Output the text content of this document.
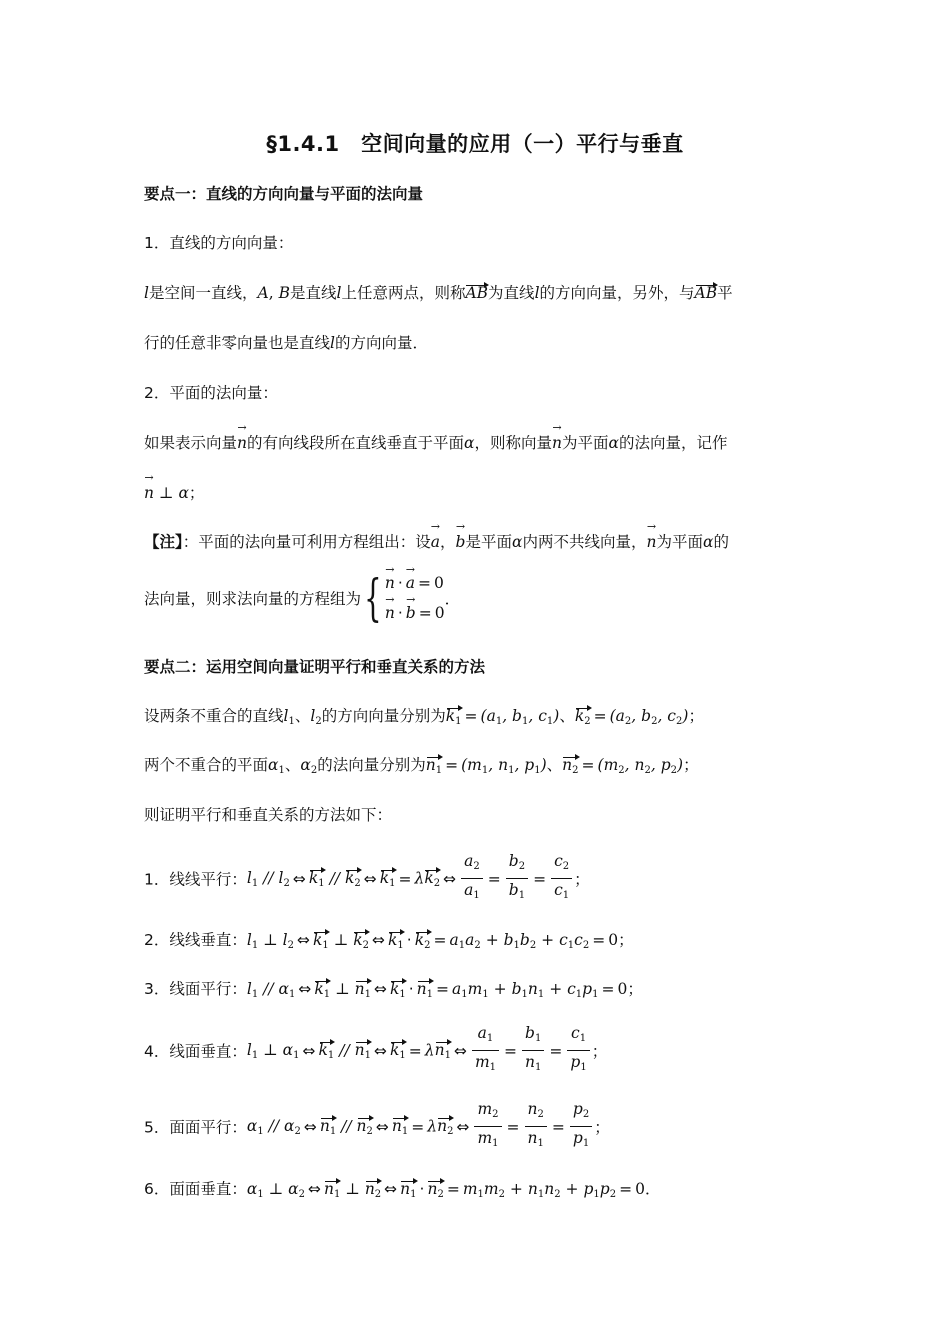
§1.4.1　空间向量的应用（一）平行与垂直
要点一：直线的方向向量与平面的法向量
1．直线的方向向量：
l是空间一直线，A, B是直线l上任意两点，则称AB为直线l的方向向量，另外，与AB平
行的任意非零向量也是直线l的方向向量．
2．平面的法向量：
如果表示向量→ n的有向线段所在直线垂直于平面α，则称向量→ n为平面α的法向量，记作
→ n ⊥ α；
【注】：平面的法向量可利用方程组出：设→ a，→ b是平面α内两不共线向量，→ n为平面α的
法向量，则求法向量的方程组为{ → n · → a = 0
→ n · → b = 0
．
要点二：运用空间向量证明平行和垂直关系的方法
设两条不重合的直线$l_1$、$l_2$的方向向量分别为$k_1 = (a_1$, $b_1$, $c_1$)、$k_2 = (a_2$, $b_2$, $c_2$)；
两个不重合的平面$\alpha_1$、$\alpha_2$的法向量分别为$n_1 = (m_1$, $n_1$, $p_1$)、$n_2 = (m_2$, $n_2$, $p_2$)；
则证明平行和垂直关系的方法如下：
1．线线平行：$l_1 // l_2$ ⇔ $k_1 // k_2$ ⇔ $k_1 = \lambda k_2$ ⇔ $\frac{a_2}{a_1} = \frac{b_2}{b_1} = \frac{c_2}{c_1}$ ；
2．线线垂直：$l_1$ ⊥ $l_2$ ⇔ $k_1$ ⊥ $k_2$ ⇔ $k_1 \cdot k_2 = a_1a_2 + b_1b_2 + c_1c_2 = 0$；
3．线面平行：$l_1 // \alpha_1$ ⇔ $k_1$ ⊥ $n_1$ ⇔ $k_1 \cdot n_1 = a_1m_1 + b_1n_1 + c_1p_1 = 0$；
4．线面垂直：$l_1$ ⊥ $\alpha_1$ ⇔ $k_1 // n_1$ ⇔ $k_1 = \lambda n_1$ ⇔ $\frac{a_1}{m_1} = \frac{b_1}{n_1} = \frac{c_1}{p_1}$ ；
5．面面平行：$\alpha_1 // \alpha_2$ ⇔ $n_1 // n_2$ ⇔ $n_1 = \lambda n_2$ ⇔ $\frac{m_2}{m_1} = \frac{n_2}{n_1} = \frac{p_2}{p_1}$ ；
6．面面垂直：$\alpha_1$ ⊥ $\alpha_2$ ⇔ $n_1$ ⊥ $n_2$ ⇔ $n_1 \cdot n_2 = m_1m_2 + n_1n_2 + p_1p_2 = 0$．
